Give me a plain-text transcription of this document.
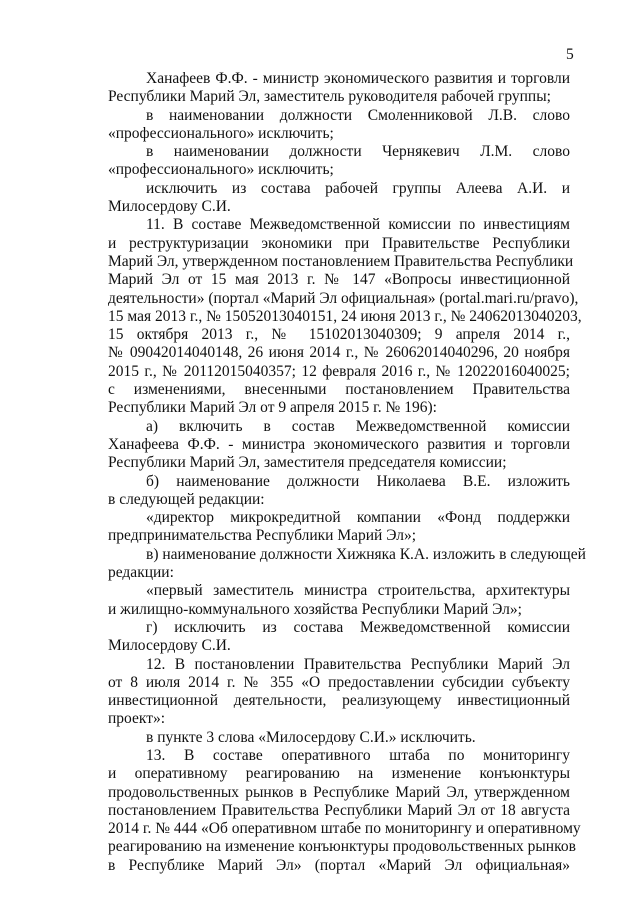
5
Ханафеев Ф.Ф. - министр экономического развития и торговли
Республики Марий Эл, заместитель руководителя рабочей группы;
в наименовании должности Смоленниковой Л.В. слово
«профессионального» исключить;
в наименовании должности Чернякевич Л.М. слово
«профессионального» исключить;
исключить из состава рабочей группы Алеева А.И. и
Милосердову С.И.
11. В составе Межведомственной комиссии по инвестициям
и реструктуризации экономики при Правительстве Республики
Марий Эл, утвержденном постановлением Правительства Республики
Марий Эл от 15 мая 2013 г. № 147 «Вопросы инвестиционной
деятельности» (портал «Марий Эл официальная» (portal.mari.ru/pravo),
15 мая 2013 г., № 15052013040151, 24 июня 2013 г., № 24062013040203,
15 октября 2013 г., № 15102013040309; 9 апреля 2014 г.,
№ 09042014040148, 26 июня 2014 г., № 26062014040296, 20 ноября
2015 г., № 20112015040357; 12 февраля 2016 г., № 12022016040025;
с изменениями, внесенными постановлением Правительства
Республики Марий Эл от 9 апреля 2015 г. № 196):
а) включить в состав Межведомственной комиссии
Ханафеева Ф.Ф. - министра экономического развития и торговли
Республики Марий Эл, заместителя председателя комиссии;
б) наименование должности Николаева В.Е. изложить
в следующей редакции:
«директор микрокредитной компании «Фонд поддержки
предпринимательства Республики Марий Эл»;
в) наименование должности Хижняка К.А. изложить в следующей
редакции:
«первый заместитель министра строительства, архитектуры
и жилищно-коммунального хозяйства Республики Марий Эл»;
г) исключить из состава Межведомственной комиссии
Милосердову С.И.
12. В постановлении Правительства Республики Марий Эл
от 8 июля 2014 г. № 355 «О предоставлении субсидии субъекту
инвестиционной деятельности, реализующему инвестиционный
проект»:
в пункте 3 слова «Милосердову С.И.» исключить.
13. В составе оперативного штаба по мониторингу
и оперативному реагированию на изменение конъюнктуры
продовольственных рынков в Республике Марий Эл, утвержденном
постановлением Правительства Республики Марий Эл от 18 августа
2014 г. № 444 «Об оперативном штабе по мониторингу и оперативному
реагированию на изменение конъюнктуры продовольственных рынков
в Республике Марий Эл» (портал «Марий Эл официальная»
